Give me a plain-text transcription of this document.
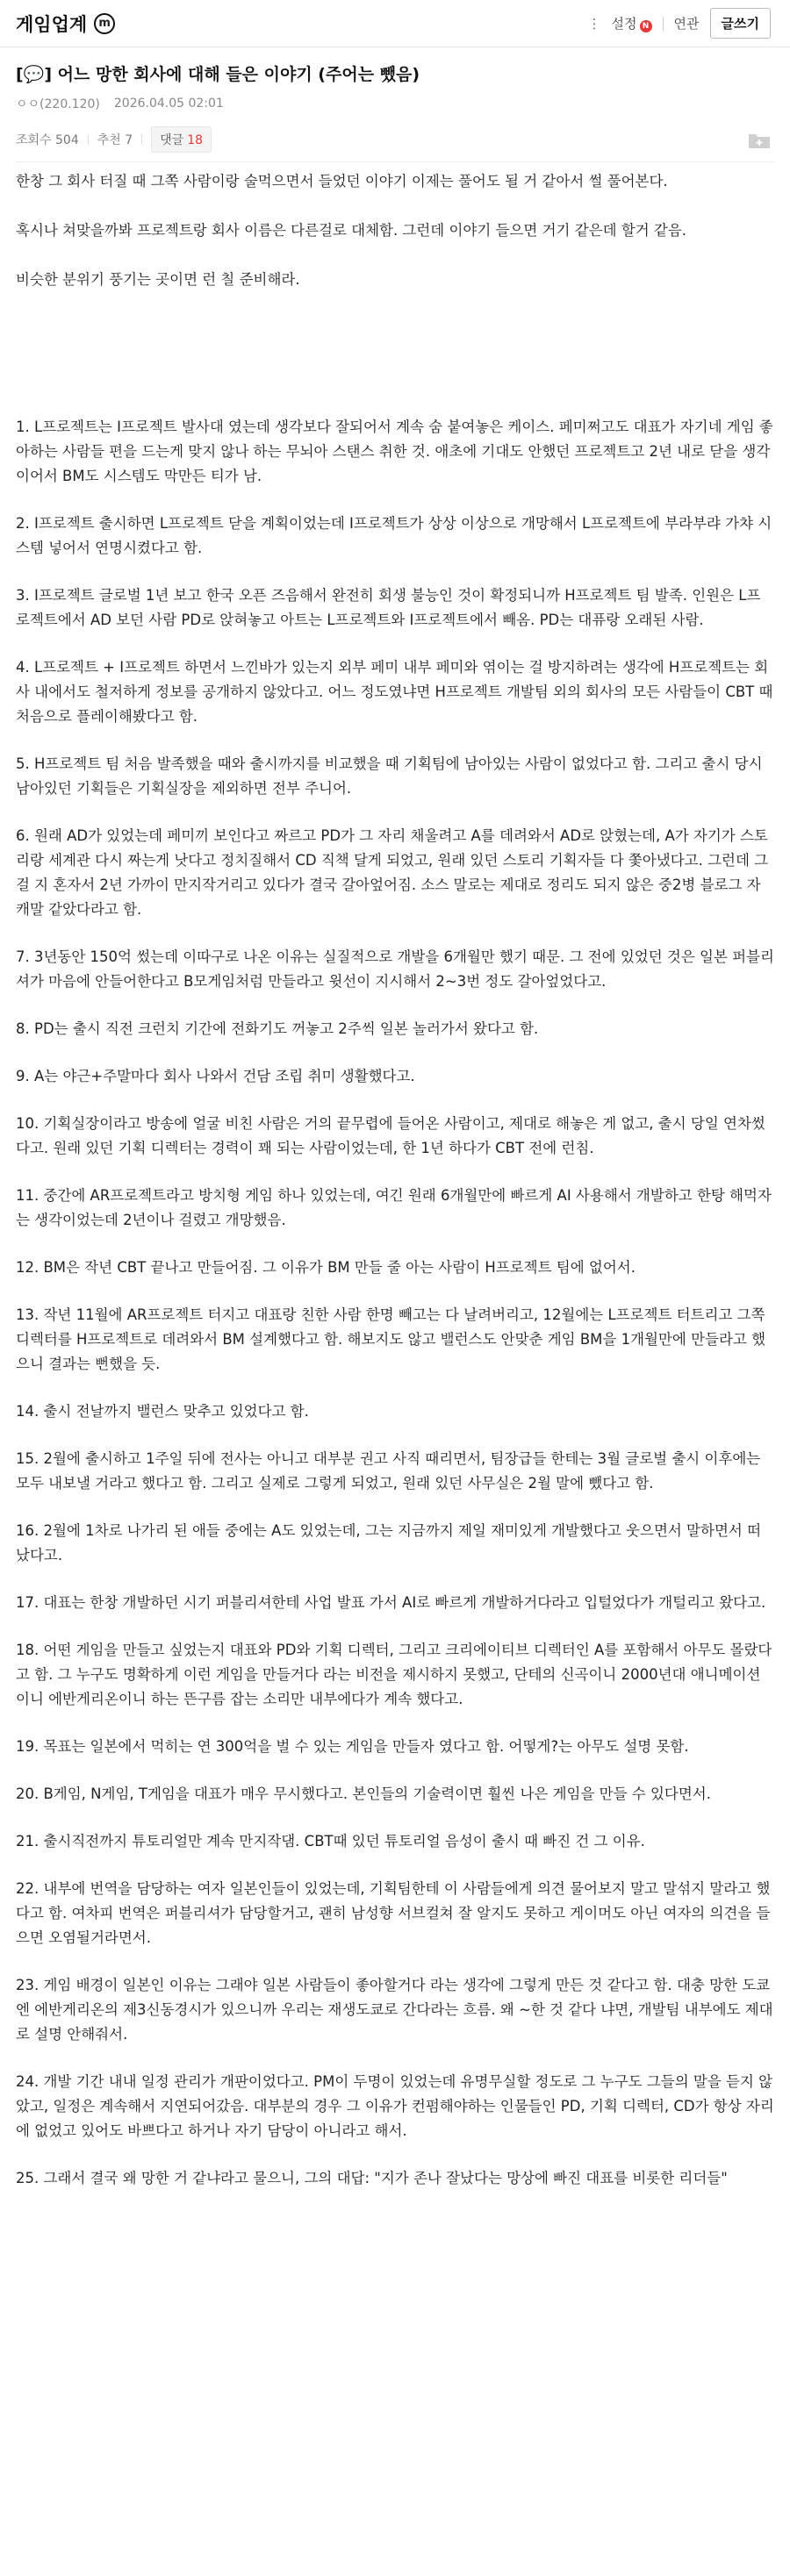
게임업계	m	⋮ 설정 N 연관	글쓰기
[💬] 어느 망한 회사에 대해 들은 이야기 (주어는 뺐음)
ㅇㅇ(220.120) 2026.04.05 02:01
조회수 504 추천 7	댓글 18

한창 그 회사 터질 때 그쪽 사람이랑 술먹으면서 들었던 이야기 이제는 풀어도 될 거 같아서 썰 풀어본다.

혹시나 쳐맞을까봐 프로젝트랑 회사 이름은 다른걸로 대체함. 그런데 이야기 들으면 거기 같은데 할거 같음.

비슷한 분위기 풍기는 곳이면 런 칠 준비해라.

1. L프로젝트는 I프로젝트 발사대 였는데 생각보다 잘되어서 계속 숨 붙여놓은 케이스. 페미쩌고도 대표가 자기네 게임 좋아하는 사람들 편을 드는게 맞지 않나 하는 무뇌아 스탠스 취한 것. 애초에 기대도 안했던 프로젝트고 2년 내로 닫을 생각이어서 BM도 시스템도 막만든 티가 남.

2. I프로젝트 출시하면 L프로젝트 닫을 계획이었는데 I프로젝트가 상상 이상으로 개망해서 L프로젝트에 부라부랴 가챠 시스템 넣어서 연명시켰다고 함.

3. I프로젝트 글로벌 1년 보고 한국 오픈 즈음해서 완전히 회생 불능인 것이 확정되니까 H프로젝트 팀 발족. 인원은 L프로젝트에서 AD 보던 사람 PD로 앉혀놓고 아트는 L프로젝트와 I프로젝트에서 빼옴. PD는 대퓨랑 오래된 사람.

4. L프로젝트 + I프로젝트 하면서 느낀바가 있는지 외부 페미 내부 페미와 엮이는 걸 방지하려는 생각에 H프로젝트는 회사 내에서도 철저하게 정보를 공개하지 않았다고. 어느 정도였냐면 H프로젝트 개발팀 외의 회사의 모든 사람들이 CBT 때 처음으로 플레이해봤다고 함.

5. H프로젝트 팀 처음 발족했을 때와 출시까지를 비교했을 때 기획팀에 남아있는 사람이 없었다고 함. 그리고 출시 당시 남아있던 기획들은 기획실장을 제외하면 전부 주니어.

6. 원래 AD가 있었는데 페미끼 보인다고 짜르고 PD가 그 자리 채울려고 A를 데려와서 AD로 앉혔는데, A가 자기가 스토리랑 세계관 다시 짜는게 낫다고 정치질해서 CD 직책 달게 되었고, 원래 있던 스토리 기획자들 다 쫓아냈다고. 그런데 그걸 지 혼자서 2년 가까이 만지작거리고 있다가 결국 갈아엎어짐. 소스 말로는 제대로 정리도 되지 않은 중2병 블로그 자캐말 같았다라고 함.

7. 3년동안 150억 썼는데 이따구로 나온 이유는 실질적으로 개발을 6개월만 했기 때문. 그 전에 있었던 것은 일본 퍼블리셔가 마음에 안들어한다고 B모게임처럼 만들라고 윗선이 지시해서 2~3번 정도 갈아엎었다고.

8. PD는 출시 직전 크런치 기간에 전화기도 꺼놓고 2주씩 일본 놀러가서 왔다고 함.

9. A는 야근+주말마다 회사 나와서 건담 조립 취미 생활했다고.

10. 기획실장이라고 방송에 얼굴 비친 사람은 거의 끝무렵에 들어온 사람이고, 제대로 해놓은 게 없고, 출시 당일 연차썼다고. 원래 있던 기획 디렉터는 경력이 꽤 되는 사람이었는데, 한 1년 하다가 CBT 전에 런침.

11. 중간에 AR프로젝트라고 방치형 게임 하나 있었는데, 여긴 원래 6개월만에 빠르게 AI 사용해서 개발하고 한탕 해먹자는 생각이었는데 2년이나 걸렸고 개망했음.

12. BM은 작년 CBT 끝나고 만들어짐. 그 이유가 BM 만들 줄 아는 사람이 H프로젝트 팀에 없어서.

13. 작년 11월에 AR프로젝트 터지고 대표랑 친한 사람 한명 빼고는 다 날려버리고, 12월에는 L프로젝트 터트리고 그쪽 디렉터를 H프로젝트로 데려와서 BM 설계했다고 함. 해보지도 않고 밸런스도 안맞춘 게임 BM을 1개월만에 만들라고 했으니 결과는 뻔했을 듯.

14. 출시 전날까지 밸런스 맞추고 있었다고 함.

15. 2월에 출시하고 1주일 뒤에 전사는 아니고 대부분 권고 사직 때리면서, 팀장급들 한테는 3월 글로벌 출시 이후에는 모두 내보낼 거라고 했다고 함. 그리고 실제로 그렇게 되었고, 원래 있던 사무실은 2월 말에 뺐다고 함.

16. 2월에 1차로 나가리 된 애들 중에는 A도 있었는데, 그는 지금까지 제일 재미있게 개발했다고 웃으면서 말하면서 떠났다고.

17. 대표는 한창 개발하던 시기 퍼블리셔한테 사업 발표 가서 AI로 빠르게 개발하거다라고 입털었다가 개털리고 왔다고.

18. 어떤 게임을 만들고 싶었는지 대표와 PD와 기획 디렉터, 그리고 크리에이티브 디렉터인 A를 포함해서 아무도 몰랐다고 함. 그 누구도 명확하게 이런 게임을 만들거다 라는 비전을 제시하지 못했고, 단테의 신곡이니 2000년대 애니메이션이니 에반게리온이니 하는 뜬구름 잡는 소리만 내부에다가 계속 했다고.

19. 목표는 일본에서 먹히는 연 300억을 벌 수 있는 게임을 만들자 였다고 함. 어떻게?는 아무도 설명 못함.

20. B게임, N게임, T게임을 대표가 매우 무시했다고. 본인들의 기술력이면 훨씬 나은 게임을 만들 수 있다면서.

21. 출시직전까지 튜토리얼만 계속 만지작댐. CBT때 있던 튜토리얼 음성이 출시 때 빠진 건 그 이유.

22. 내부에 번역을 담당하는 여자 일본인들이 있었는데, 기획팀한테 이 사람들에게 의견 물어보지 말고 말섞지 말라고 했다고 함. 여차피 번역은 퍼블리셔가 담당할거고, 괜히 남성향 서브컬쳐 잘 알지도 못하고 게이머도 아닌 여자의 의견을 들으면 오염될거라면서.

23. 게임 배경이 일본인 이유는 그래야 일본 사람들이 좋아할거다 라는 생각에 그렇게 만든 것 같다고 함. 대충 망한 도쿄엔 에반게리온의 제3신동경시가 있으니까 우리는 재생도쿄로 간다라는 흐름. 왜 ~한 것 같다 냐면, 개발팀 내부에도 제대로 설명 안해줘서.

24. 개발 기간 내내 일정 관리가 개판이었다고. PM이 두명이 있었는데 유명무실할 정도로 그 누구도 그들의 말을 듣지 않았고, 일정은 계속해서 지연되어갔음. 대부분의 경우 그 이유가 컨펌해야하는 인물들인 PD, 기획 디렉터, CD가 항상 자리에 없었고 있어도 바쁘다고 하거나 자기 담당이 아니라고 해서.

25. 그래서 결국 왜 망한 거 같냐라고 물으니, 그의 대답: "지가 존나 잘났다는 망상에 빠진 대표를 비롯한 리더들"
